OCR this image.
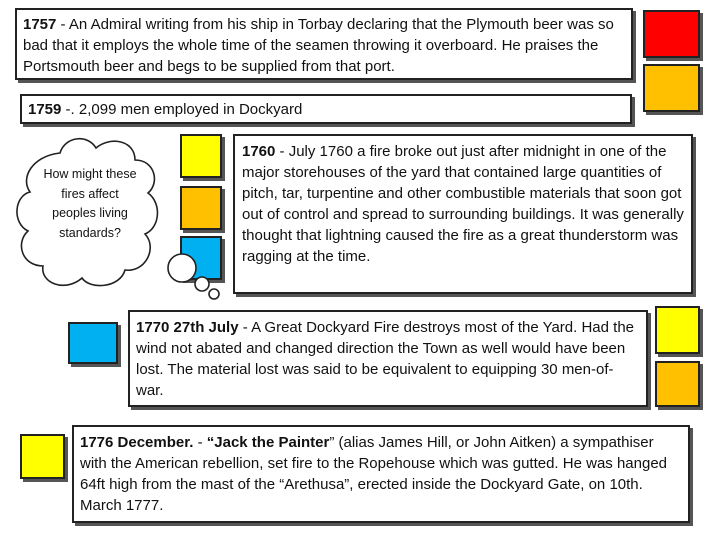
1757 - An Admiral writing from his ship in Torbay declaring that the Plymouth beer was so bad that it employs the whole time of the seamen throwing it overboard. He praises the Portsmouth beer and begs to be supplied from that port.
1759 -. 2,099 men employed in Dockyard
1760 - July 1760 a fire broke out just after midnight in one of the major storehouses of the yard that contained large quantities of pitch, tar, turpentine and other combustible materials that soon got out of control and spread to surrounding buildings. It was generally thought that lightning caused the fire as a great thunderstorm was ragging at the time.
1770 27th July - A Great Dockyard Fire destroys most of the Yard. Had the wind not abated and changed direction the Town as well would have been lost. The material lost was said to be equivalent to equipping 30 men-of-war.
1776 December. - “Jack the Painter” (alias James Hill, or John Aitken) a sympathiser with the American rebellion, set fire to the Ropehouse which was gutted. He was hanged 64ft high from the mast of the “Arethusa”, erected inside the Dockyard Gate, on 10th. March 1777.
How might these fires affect peoples living standards?
